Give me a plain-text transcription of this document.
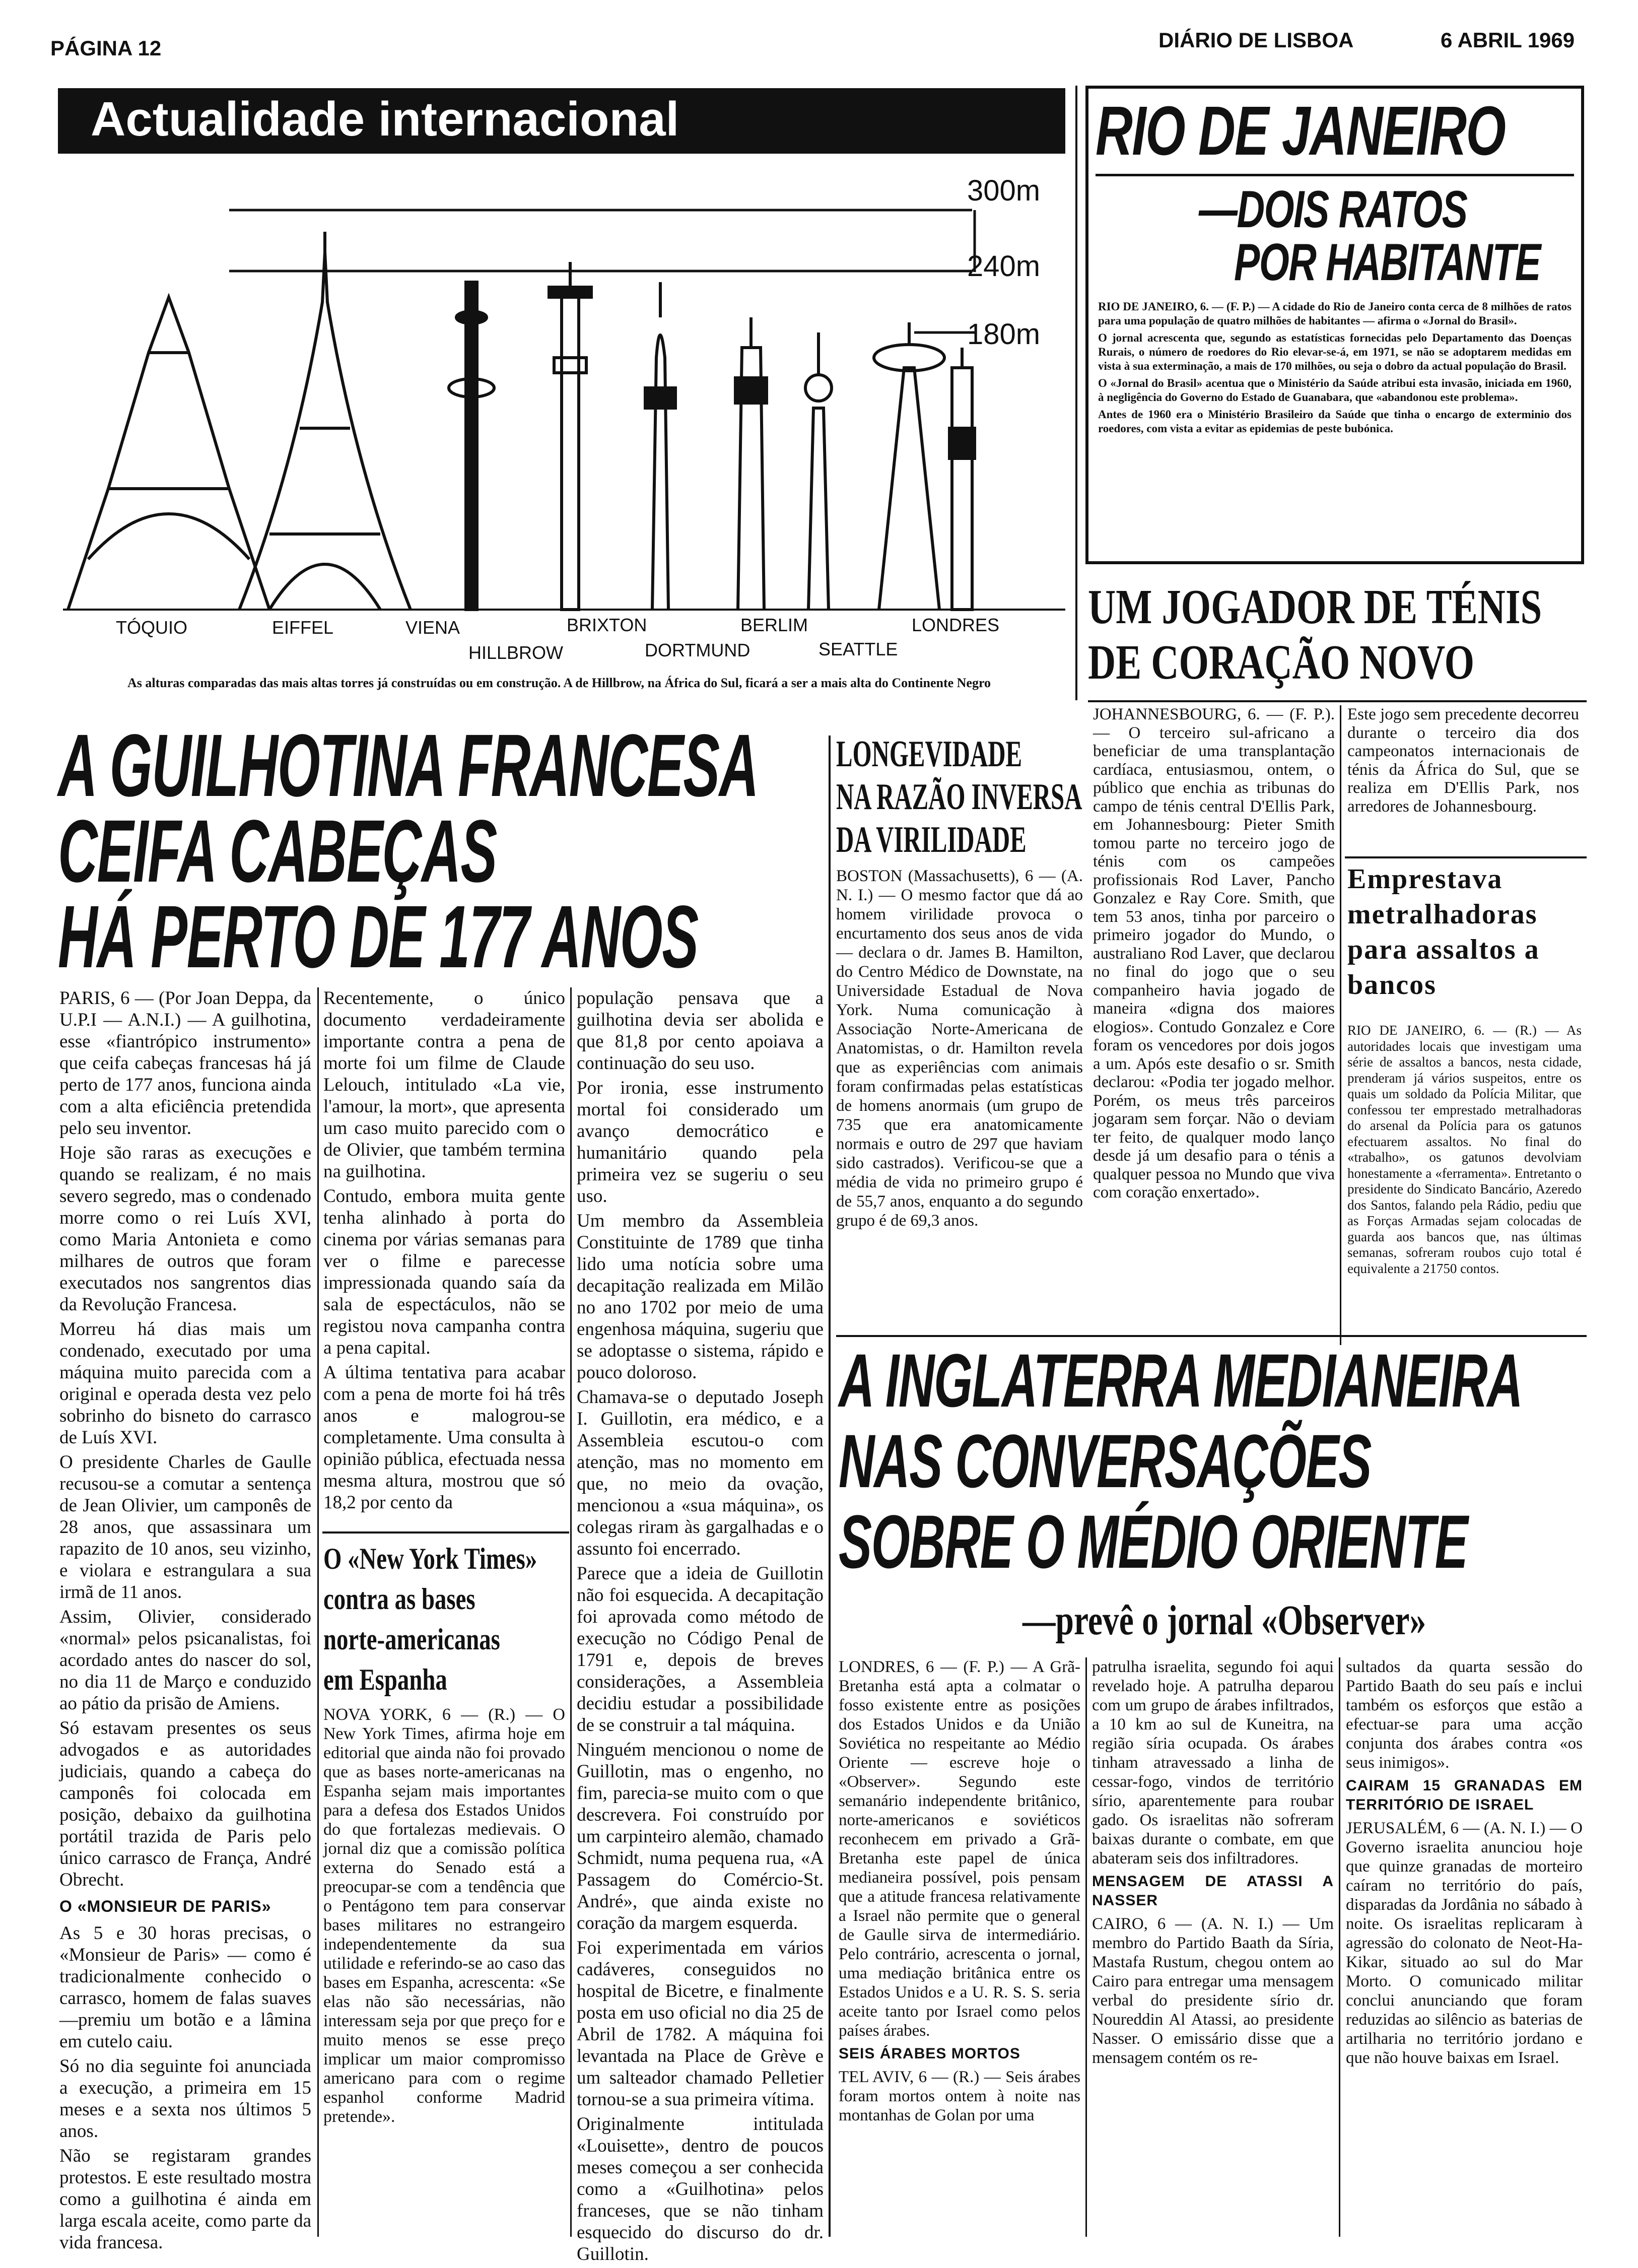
PÁGINA 12	DIÁRIO DE LISBOA	6 ABRIL 1969
Actualidade internacional
300m
240m
180m
TÓQUIO	EIFFEL	VIENA	BRIXTON	BERLIM	LONDRES
HILLBROW	DORTMUND	SEATTLE
As alturas comparadas das mais altas torres já construídas ou em construção. A de Hillbrow, na África do Sul, ficará a ser a mais alta do Continente Negro
RIO DE JANEIRO
—DOIS RATOS
POR HABITANTE

RIO DE JANEIRO, 6. — (F. P.) — A cidade do Rio de Janeiro conta cerca de 8 milhões de ratos para uma população de quatro milhões de habitantes — afirma o «Jornal do Brasil».

O jornal acrescenta que, segundo as estatísticas fornecidas pelo Departamento das Doenças Rurais, o número de roedores do Rio elevar-se-á, em 1971, se não se adoptarem medidas em vista à sua exterminação, a mais de 170 milhões, ou seja o dobro da actual população do Brasil.

O «Jornal do Brasil» acentua que o Ministério da Saúde atribui esta invasão, iniciada em 1960, à negligência do Governo do Estado de Guanabara, que «abandonou este problema».

Antes de 1960 era o Ministério Brasileiro da Saúde que tinha o encargo de exterminio dos roedores, com vista a evitar as epidemias de peste bubónica.

UM JOGADOR DE TÉNIS
DE CORAÇÃO NOVO
JOHANNESBOURG, 6. — (F. P.). — O terceiro sul-africano a beneficiar de uma transplantação cardíaca, entusiasmou, ontem, o público que enchia as tribunas do campo de ténis central D'Ellis Park, em Johannesbourg: Pieter Smith tomou parte no terceiro jogo de ténis com os campeões profissionais Rod Laver, Pancho Gonzalez e Ray Core. Smith, que tem 53 anos, tinha por parceiro o primeiro jogador do Mundo, o australiano Rod Laver, que declarou no final do jogo que o seu companheiro havia jogado de maneira «digna dos maiores elogios». Contudo Gonzalez e Core foram os vencedores por dois jogos a um. Após este desafio o sr. Smith declarou: «Podia ter jogado melhor. Porém, os meus três parceiros jogaram sem forçar. Não o deviam ter feito, de qualquer modo lanço desde já um desafio para o ténis a qualquer pessoa no Mundo que viva com coração enxertado».
Este jogo sem precedente decorreu durante o terceiro dia dos campeonatos internacionais de ténis da África do Sul, que se realiza em D'Ellis Park, nos arredores de Johannesbourg.
Emprestava metralhadoras para assaltos a bancos
RIO DE JANEIRO, 6. — (R.) — As autoridades locais que investigam uma série de assaltos a bancos, nesta cidade, prenderam já vários suspeitos, entre os quais um soldado da Polícia Militar, que confessou ter emprestado metralhadoras do arsenal da Polícia para os gatunos efectuarem assaltos. No final do «trabalho», os gatunos devolviam honestamente a «ferramenta». Entretanto o presidente do Sindicato Bancário, Azeredo dos Santos, falando pela Rádio, pediu que as Forças Armadas sejam colocadas de guarda aos bancos que, nas últimas semanas, sofreram roubos cujo total é equivalente a 21750 contos.
A GUILHOTINA FRANCESA
CEIFA CABEÇAS
HÁ PERTO DE 177 ANOS

PARIS, 6 — (Por Joan Deppa, da U.P.I — A.N.I.) — A guilhotina, esse «fiantrópico instrumento» que ceifa cabeças francesas há já perto de 177 anos, funciona ainda com a alta eficiência pretendida pelo seu inventor.

Hoje são raras as execuções e quando se realizam, é no mais severo segredo, mas o condenado morre como o rei Luís XVI, como Maria Antonieta e como milhares de outros que foram executados nos sangrentos dias da Revolução Francesa.

Morreu há dias mais um condenado, executado por uma máquina muito parecida com a original e operada desta vez pelo sobrinho do bisneto do carrasco de Luís XVI.

O presidente Charles de Gaulle recusou-se a comutar a sentença de Jean Olivier, um camponês de 28 anos, que assassinara um rapazito de 10 anos, seu vizinho, e violara e estrangulara a sua irmã de 11 anos.

Assim, Olivier, considerado «normal» pelos psicanalistas, foi acordado antes do nascer do sol, no dia 11 de Março e conduzido ao pátio da prisão de Amiens.

Só estavam presentes os seus advogados e as autoridades judiciais, quando a cabeça do camponês foi colocada em posição, debaixo da guilhotina portátil trazida de Paris pelo único carrasco de França, André Obrecht.

O «MONSIEUR DE PARIS»

As 5 e 30 horas precisas, o «Monsieur de Paris» — como é tradicionalmente conhecido o carrasco, homem de falas suaves—premiu um botão e a lâmina em cutelo caiu.

Só no dia seguinte foi anunciada a execução, a primeira em 15 meses e a sexta nos últimos 5 anos.

Não se registaram grandes protestos. E este resultado mostra como a guilhotina é ainda em larga escala aceite, como parte da vida francesa.

Recentemente, o único documento verdadeiramente importante contra a pena de morte foi um filme de Claude Lelouch, intitulado «La vie, l'amour, la mort», que apresenta um caso muito parecido com o de Olivier, que também termina na guilhotina.

Contudo, embora muita gente tenha alinhado à porta do cinema por várias semanas para ver o filme e parecesse impressionada quando saía da sala de espectáculos, não se registou nova campanha contra a pena capital.

A última tentativa para acabar com a pena de morte foi há três anos e malogrou-se completamente. Uma consulta à opinião pública, efectuada nessa mesma altura, mostrou que só 18,2 por cento da

O «New York Times»
contra as bases
norte-americanas
em Espanha
NOVA YORK, 6 — (R.) — O New York Times, afirma hoje em editorial que ainda não foi provado que as bases norte-americanas na Espanha sejam mais importantes para a defesa dos Estados Unidos do que fortalezas medievais. O jornal diz que a comissão política externa do Senado está a preocupar-se com a tendência que o Pentágono tem para conservar bases militares no estrangeiro independentemente da sua utilidade e referindo-se ao caso das bases em Espanha, acrescenta: «Se elas não são necessárias, não interessam seja por que preço for e muito menos se esse preço implicar um maior compromisso americano para com o regime espanhol conforme Madrid pretende».

população pensava que a guilhotina devia ser abolida e que 81,8 por cento apoiava a continuação do seu uso.

Por ironia, esse instrumento mortal foi considerado um avanço democrático e humanitário quando pela primeira vez se sugeriu o seu uso.

Um membro da Assembleia Constituinte de 1789 que tinha lido uma notícia sobre uma decapitação realizada em Milão no ano 1702 por meio de uma engenhosa máquina, sugeriu que se adoptasse o sistema, rápido e pouco doloroso.

Chamava-se o deputado Joseph I. Guillotin, era médico, e a Assembleia escutou-o com atenção, mas no momento em que, no meio da ovação, mencionou a «sua máquina», os colegas riram às gargalhadas e o assunto foi encerrado.

Parece que a ideia de Guillotin não foi esquecida. A decapitação foi aprovada como método de execução no Código Penal de 1791 e, depois de breves considerações, a Assembleia decidiu estudar a possibilidade de se construir a tal máquina.

Ninguém mencionou o nome de Guillotin, mas o engenho, no fim, parecia-se muito com o que descrevera. Foi construído por um carpinteiro alemão, chamado Schmidt, numa pequena rua, «A Passagem do Comércio-St. André», que ainda existe no coração da margem esquerda.

Foi experimentada em vários cadáveres, conseguidos no hospital de Bicetre, e finalmente posta em uso oficial no dia 25 de Abril de 1782. A máquina foi levantada na Place de Grève e um salteador chamado Pelletier tornou-se a sua primeira vítima.

Originalmente intitulada «Louisette», dentro de poucos meses começou a ser conhecida como a «Guilhotina» pelos franceses, que se não tinham esquecido do discurso do dr. Guillotin.

LONGEVIDADE
NA RAZÃO INVERSA
DA VIRILIDADE
BOSTON (Massachusetts), 6 — (A. N. I.) — O mesmo factor que dá ao homem virilidade provoca o encurtamento dos seus anos de vida — declara o dr. James B. Hamilton, do Centro Médico de Downstate, na Universidade Estadual de Nova York. Numa comunicação à Associação Norte-Americana de Anatomistas, o dr. Hamilton revela que as experiências com animais foram confirmadas pelas estatísticas de homens anormais (um grupo de 735 que era anatomicamente normais e outro de 297 que haviam sido castrados). Verificou-se que a média de vida no primeiro grupo é de 55,7 anos, enquanto a do segundo grupo é de 69,3 anos.
A INGLATERRA MEDIANEIRA
NAS CONVERSAÇÕES
SOBRE O MÉDIO ORIENTE
—prevê o jornal «Observer»

LONDRES, 6 — (F. P.) — A Grã-Bretanha está apta a colmatar o fosso existente entre as posições dos Estados Unidos e da União Soviética no respeitante ao Médio Oriente — escreve hoje o «Observer». Segundo este semanário independente britânico, norte-americanos e soviéticos reconhecem em privado a Grã-Bretanha este papel de única medianeira possível, pois pensam que a atitude francesa relativamente a Israel não permite que o general de Gaulle sirva de intermediário. Pelo contrário, acrescenta o jornal, uma mediação britânica entre os Estados Unidos e a U. R. S. S. seria aceite tanto por Israel como pelos países árabes.

SEIS ÁRABES MORTOS

TEL AVIV, 6 — (R.) — Seis árabes foram mortos ontem à noite nas montanhas de Golan por uma

patrulha israelita, segundo foi aqui revelado hoje. A patrulha deparou com um grupo de árabes infiltrados, a 10 km ao sul de Kuneitra, na região síria ocupada. Os árabes tinham atravessado a linha de cessar-fogo, vindos de território sírio, aparentemente para roubar gado. Os israelitas não sofreram baixas durante o combate, em que abateram seis dos infiltradores.

MENSAGEM DE ATASSI A NASSER

CAIRO, 6 — (A. N. I.) — Um membro do Partido Baath da Síria, Mastafa Rustum, chegou ontem ao Cairo para entregar uma mensagem verbal do presidente sírio dr. Noureddin Al Atassi, ao presidente Nasser. O emissário disse que a mensagem contém os re-

sultados da quarta sessão do Partido Baath do seu país e inclui também os esforços que estão a efectuar-se para uma acção conjunta dos árabes contra «os seus inimigos».

CAIRAM 15 GRANADAS EM TERRITÓRIO DE ISRAEL

JERUSALÉM, 6 — (A. N. I.) — O Governo israelita anunciou hoje que quinze granadas de morteiro caíram no território do país, disparadas da Jordânia no sábado à noite. Os israelitas replicaram à agressão do colonato de Neot-Ha-Kikar, situado ao sul do Mar Morto. O comunicado militar conclui anunciando que foram reduzidas ao silêncio as baterias de artilharia no território jordano e que não houve baixas em Israel.
